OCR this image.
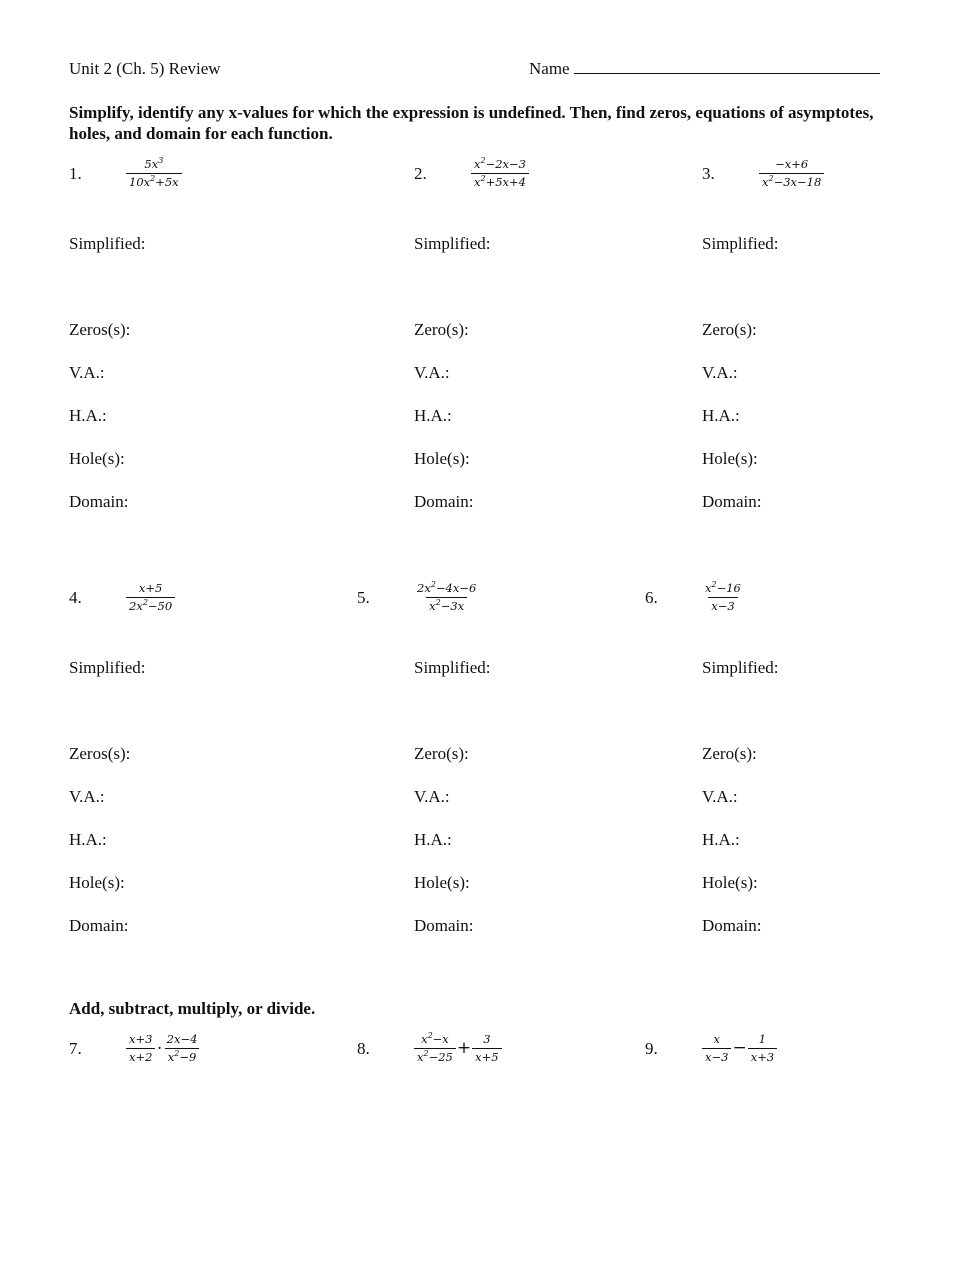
Unit 2 (Ch. 5) Review	Name
Simplify, identify any x-values for which the expression is undefined. Then, find zeros, equations of asymptotes, holes, and domain for each function.
1.	$\frac{5x^3}{10x^2+5x}$
Simplified:
Zeros(s):
V.A.:
H.A.:
Hole(s):
Domain:
2.	$\frac{x^2-2x-3}{x^2+5x+4}$
Simplified:
Zero(s):
V.A.:
H.A.:
Hole(s):
Domain:
3.	$\frac{-x+6}{x^2-3x-18}$
Simplified:
Zero(s):
V.A.:
H.A.:
Hole(s):
Domain:
4.	$\frac{x+5}{2x^2-50}$
Simplified:
Zeros(s):
V.A.:
H.A.:
Hole(s):
Domain:
5.	$\frac{2x^2-4x-6}{x^2-3x}$
Simplified:
Zero(s):
V.A.:
H.A.:
Hole(s):
Domain:
6.	$\frac{x^2-16}{x-3}$
Simplified:
Zero(s):
V.A.:
H.A.:
Hole(s):
Domain:
Add, subtract, multiply, or divide.
7.	$\frac{x+3}{x+2} \cdot \frac{2x-4}{x^2-9}$	8.	$\frac{x^2-x}{x^2-25} + \frac{3}{x+5}$	9.	$\frac{x}{x-3} - \frac{1}{x+3}$
